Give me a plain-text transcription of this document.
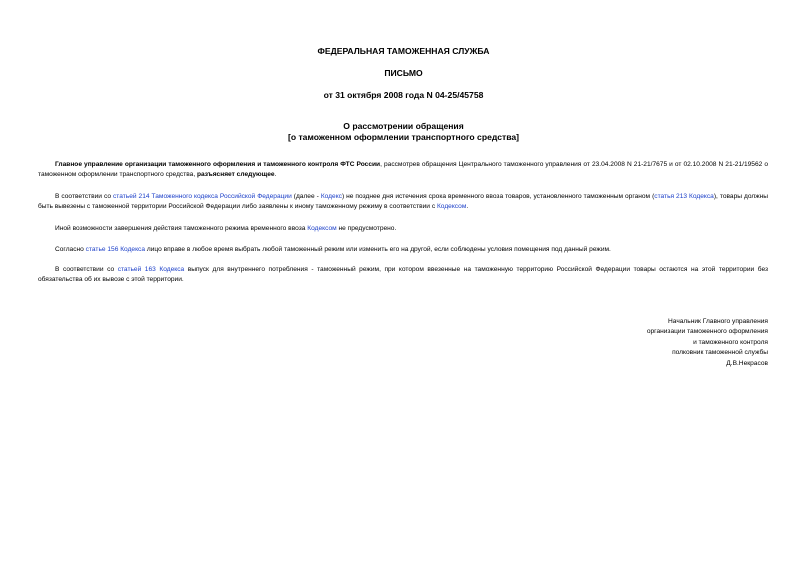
ФЕДЕРАЛЬНАЯ ТАМОЖЕННАЯ СЛУЖБА
ПИСЬМО
от 31 октября 2008 года N 04-25/45758
О рассмотрении обращения
[о таможенном оформлении транспортного средства]
Главное управление организации таможенного оформления и таможенного контроля ФТС России, рассмотрев обращения Центрального таможенного управления от 23.04.2008 N 21-21/7675 и от 02.10.2008 N 21-21/19562 о таможенном оформлении транспортного средства, разъясняет следующее.
В соответствии со статьей 214 Таможенного кодекса Российской Федерации (далее - Кодекс) не позднее дня истечения срока временного ввоза товаров, установленного таможенным органом (статья 213 Кодекса), товары должны быть вывезены с таможенной территории Российской Федерации либо заявлены к иному таможенному режиму в соответствии с Кодексом.
Иной возможности завершения действия таможенного режима временного ввоза Кодексом не предусмотрено.
Согласно статье 156 Кодекса лицо вправе в любое время выбрать любой таможенный режим или изменить его на другой, если соблюдены условия помещения под данный режим.
В соответствии со статьей 163 Кодекса выпуск для внутреннего потребления - таможенный режим, при котором ввезенные на таможенную территорию Российской Федерации товары остаются на этой территории без обязательства об их вывозе с этой территории.
Начальник Главного управления
организации таможенного оформления
и таможенного контроля
полковник таможенной службы
Д.В.Некрасов
